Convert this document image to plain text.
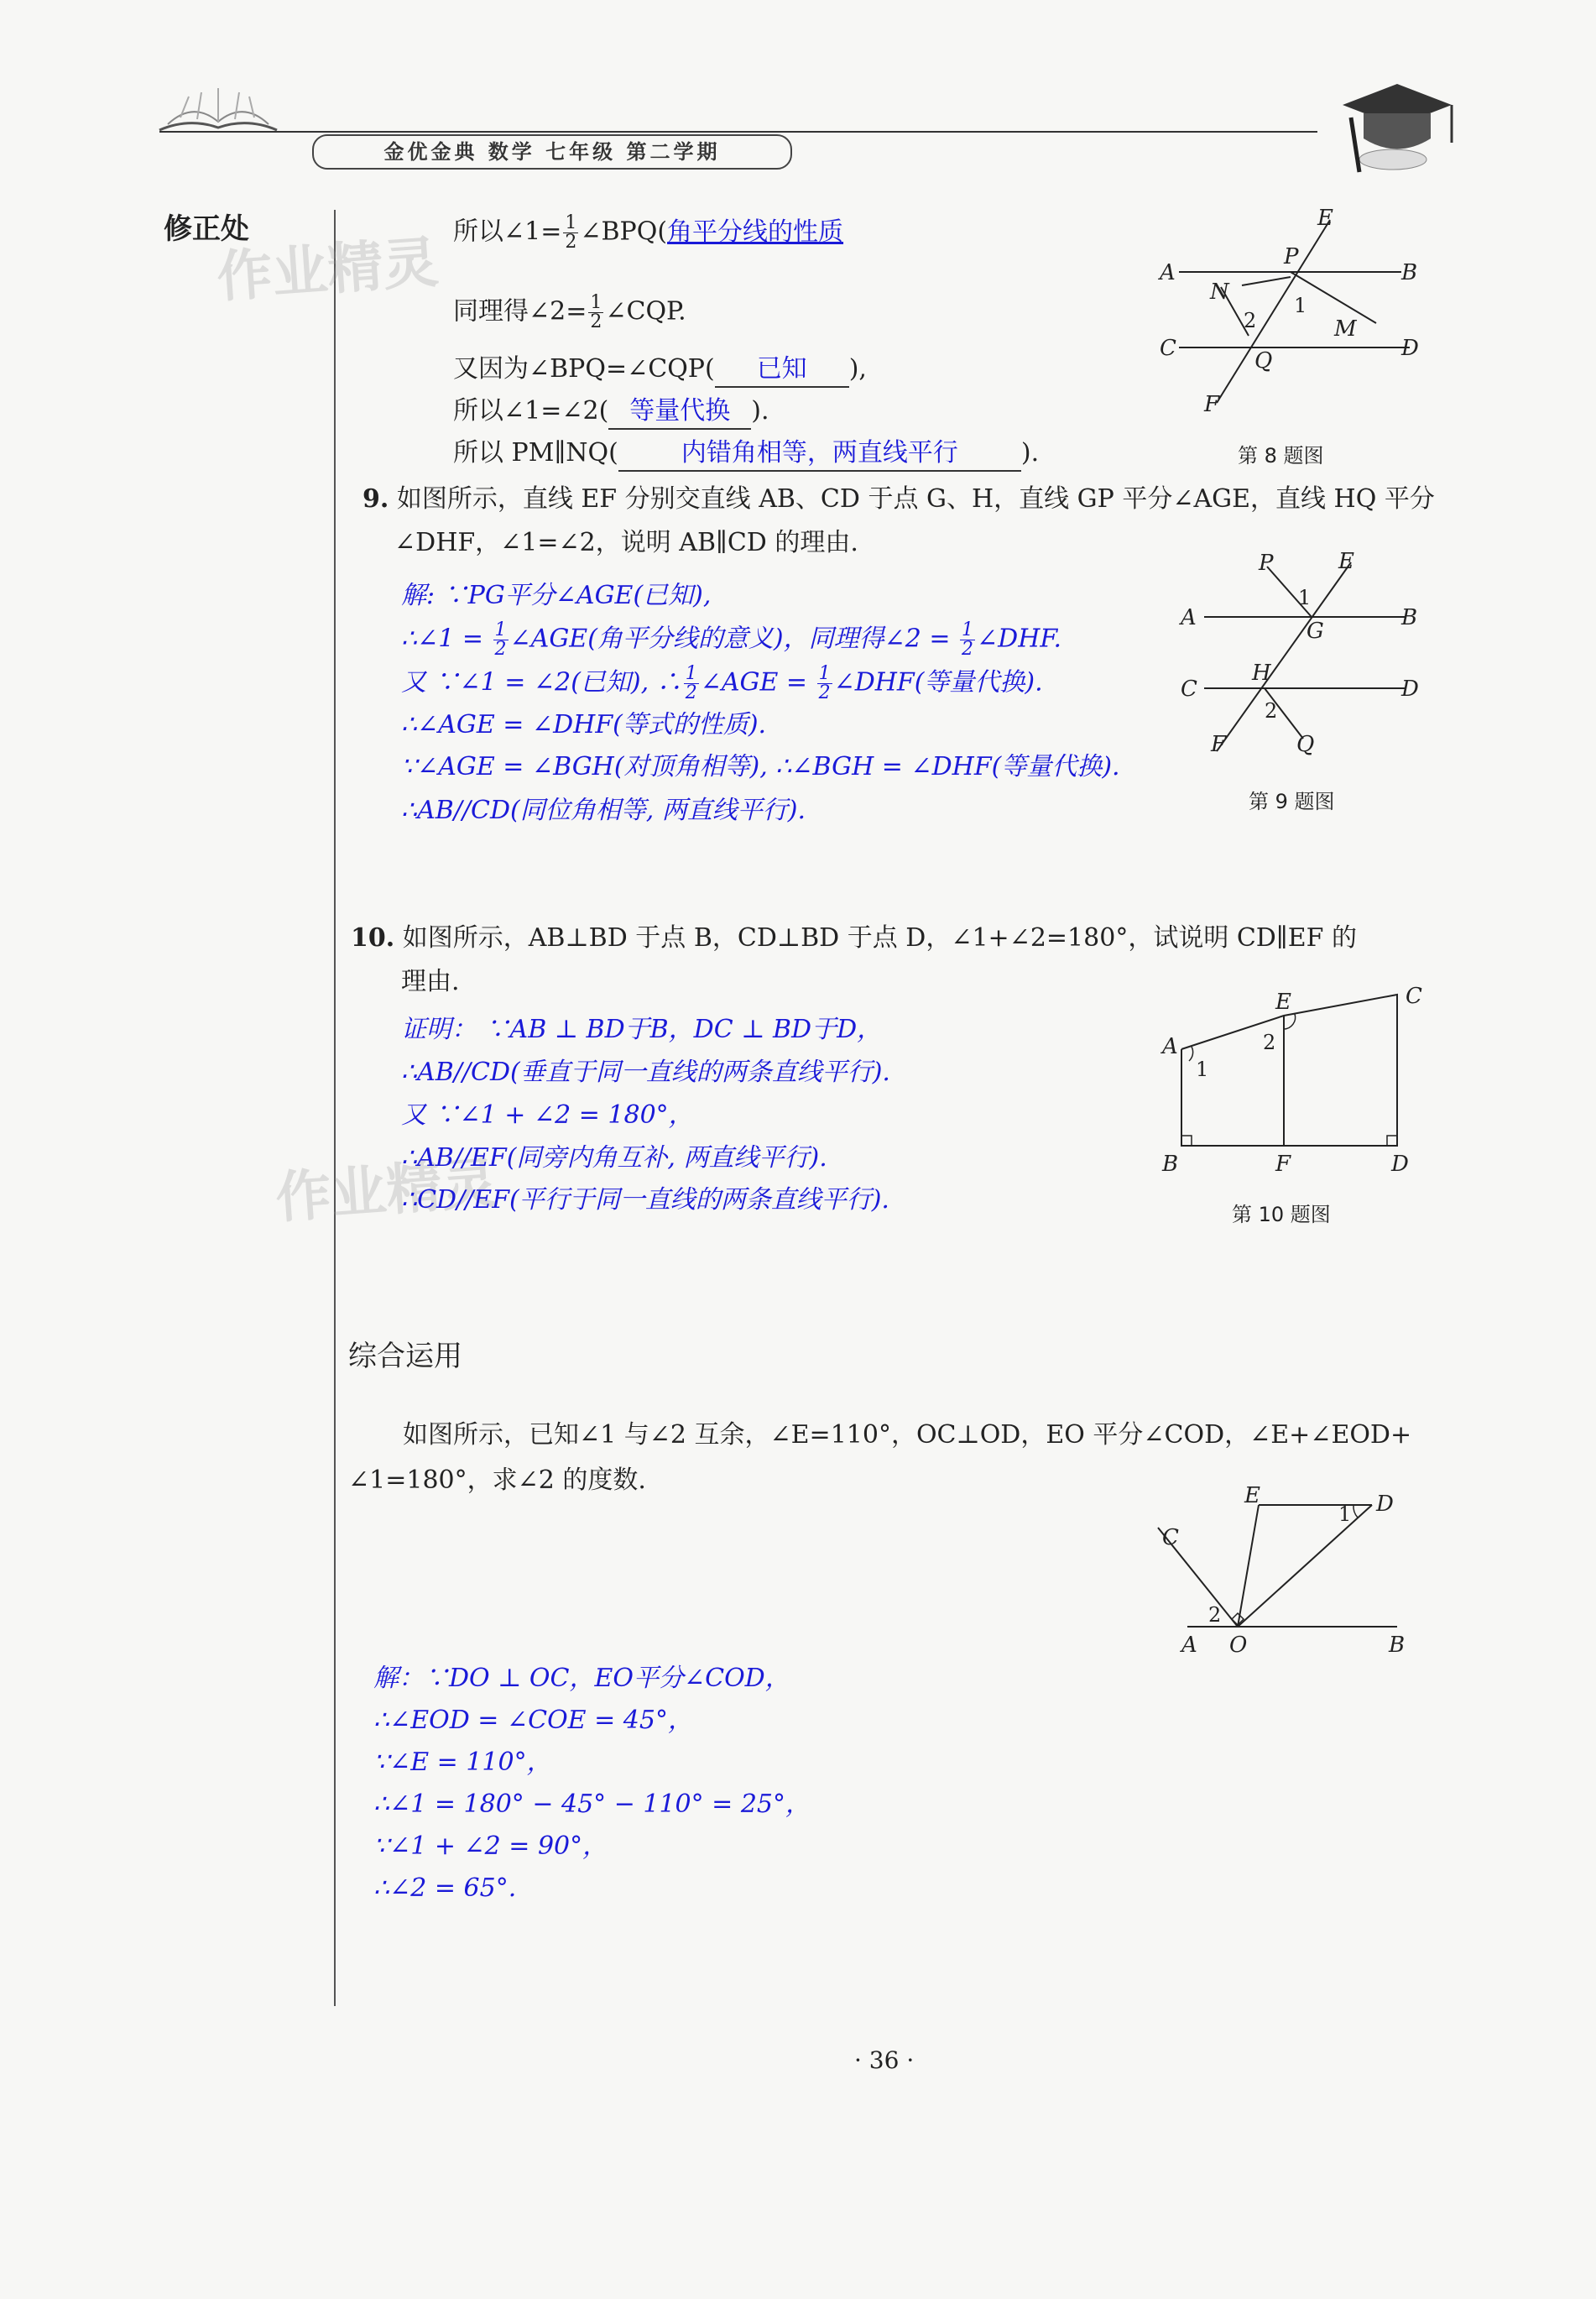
金优金典 数学 七年级 第二学期
修正处
作业精灵
作业精灵
所以∠1= $\frac{1}{2}$ ∠BPQ(角平分线的性质
同理得∠2= $\frac{1}{2}$ ∠CQP.
又因为∠BPQ=∠CQP( 已知 ),
所以∠1=∠2( 等量代换 ).
所以 PM∥NQ(	内错角相等，两直线平行	).
E
A
P
B
N
2
1
M
C	Q	D
F
第 8 题图
9. 如图所示，直线 EF 分别交直线 AB、CD 于点 G、H，直线 GP 平分∠AGE，直线 HQ 平分
∠DHF，∠1=∠2，说明 AB∥CD 的理由.
解: ∵PG平分∠AGE(已知),
∴∠1 = $\frac{1}{2}$ ∠AGE(角平分线的意义)，同理得∠2 = $\frac{1}{2}$ ∠DHF.
又 ∵∠1 = ∠2(已知), ∴ $\frac{1}{2}$ ∠AGE = $\frac{1}{2}$ ∠DHF(等量代换).
∴∠AGE = ∠DHF(等式的性质).
∵∠AGE = ∠BGH(对顶角相等), ∴∠BGH = ∠DHF(等量代换).
∴AB//CD(同位角相等, 两直线平行).
P	E
1
A	B
G
C
H
D
2
F	Q
第 9 题图
10. 如图所示，AB⊥BD 于点 B，CD⊥BD 于点 D，∠1+∠2=180°，试说明 CD∥EF 的
理由.
证明： ∵AB ⊥ BD于B，DC ⊥ BD于D，
∴AB//CD(垂直于同一直线的两条直线平行).
又 ∵∠1 + ∠2 = 180°，
∴AB//EF(同旁内角互补, 两直线平行).
∴CD//EF(平行于同一直线的两条直线平行).
C
E
A	2
1
B	F	D
第 10 题图
综合运用
如图所示，已知∠1 与∠2 互余，∠E=110°，OC⊥OD，EO 平分∠COD，∠E+∠EOD+
∠1=180°，求∠2 的度数.
E
1 D
C
2
A O	B
解：∵DO ⊥ OC，EO平分∠COD，
∴∠EOD = ∠COE = 45°，
∵∠E = 110°，
∴∠1 = 180° − 45° − 110° = 25°，
∵∠1 + ∠2 = 90°，
∴∠2 = 65°.
· 36 ·
